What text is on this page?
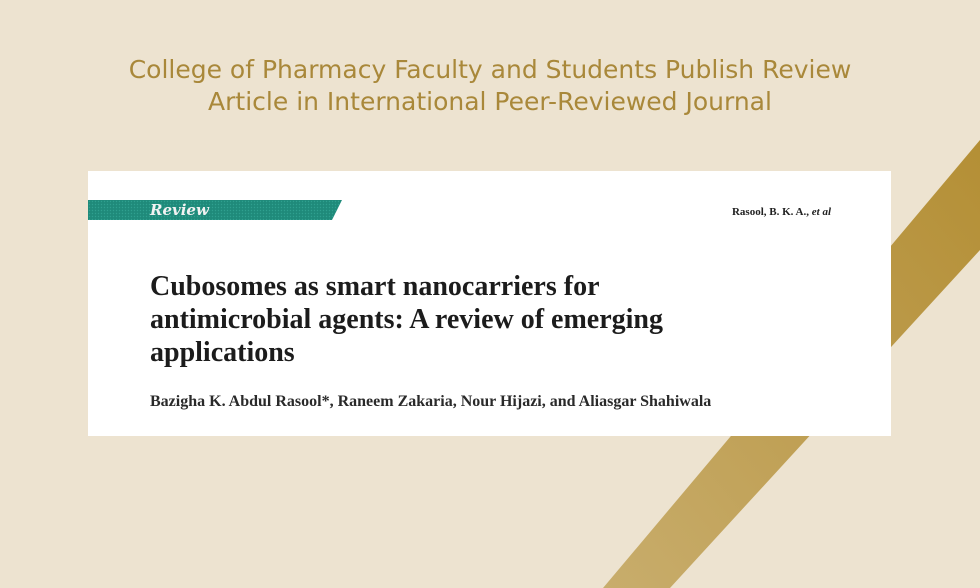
College of Pharmacy Faculty and Students Publish Review
Article in International Peer-Reviewed Journal
Review	Rasool, B. K. A., et al
Cubosomes as smart nanocarriers for
antimicrobial agents: A review of emerging
applications
Bazigha K. Abdul Rasool*, Raneem Zakaria, Nour Hijazi, and Aliasgar Shahiwala
